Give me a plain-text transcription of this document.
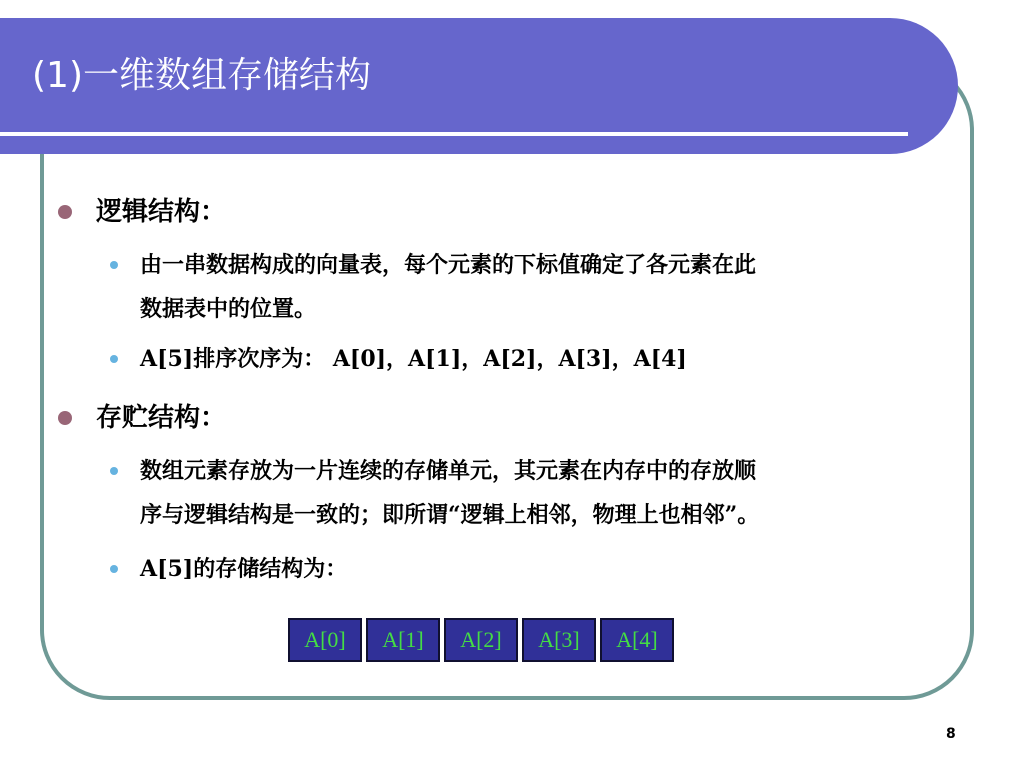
(1)一维数组存储结构
逻辑结构：
由一串数据构成的向量表，每个元素的下标值确定了各元素在此
数据表中的位置。
A[5]排序次序为： A[0]，A[1]，A[2]，A[3]，A[4]
存贮结构：
数组元素存放为一片连续的存储单元，其元素在内存中的存放顺
序与逻辑结构是一致的；即所谓“逻辑上相邻，物理上也相邻”。
A[5]的存储结构为：
A[0]	A[1]	A[2]	A[3]	A[4]
8
